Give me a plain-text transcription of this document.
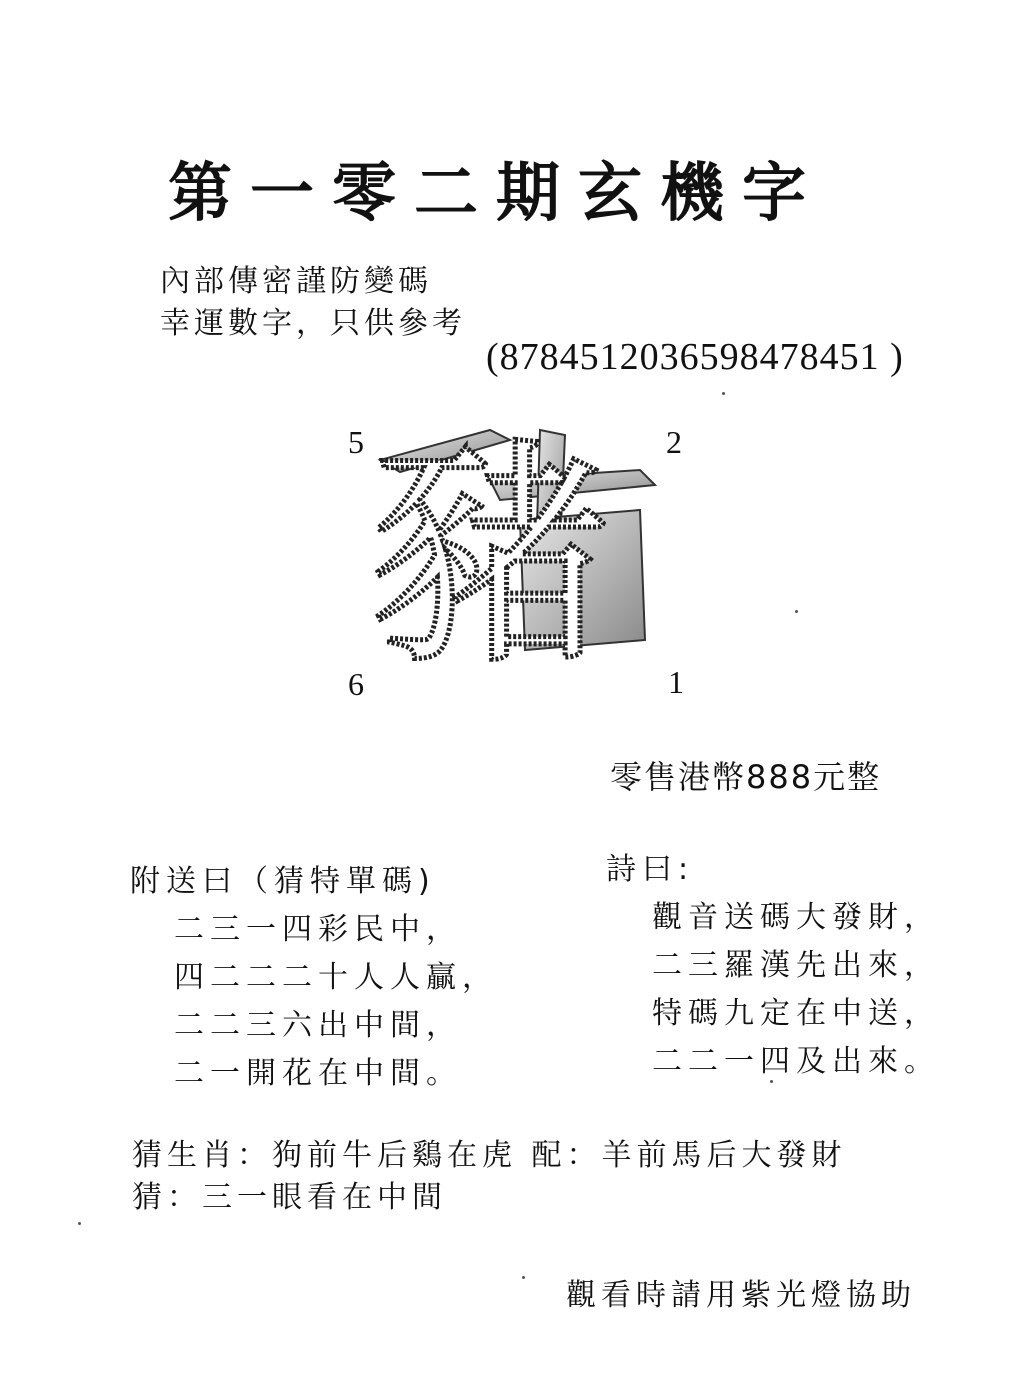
第一零二期玄機字
內部傳密謹防變碼
幸運數字，只供參考
(8784512036598478451 )
豬
5	2
6	1
零售港幣888元整
附送曰（猜特單碼)
二三一四彩民中，
四二二二十人人贏，
二二三六出中間，
二一開花在中間。
詩曰:
觀音送碼大發財，
二三羅漢先出來，
特碼九定在中送，
二二一四及出來。
猜生肖：狗前牛后鷄在虎 配：羊前馬后大發財
猜：三一眼看在中間
觀看時請用紫光燈協助
